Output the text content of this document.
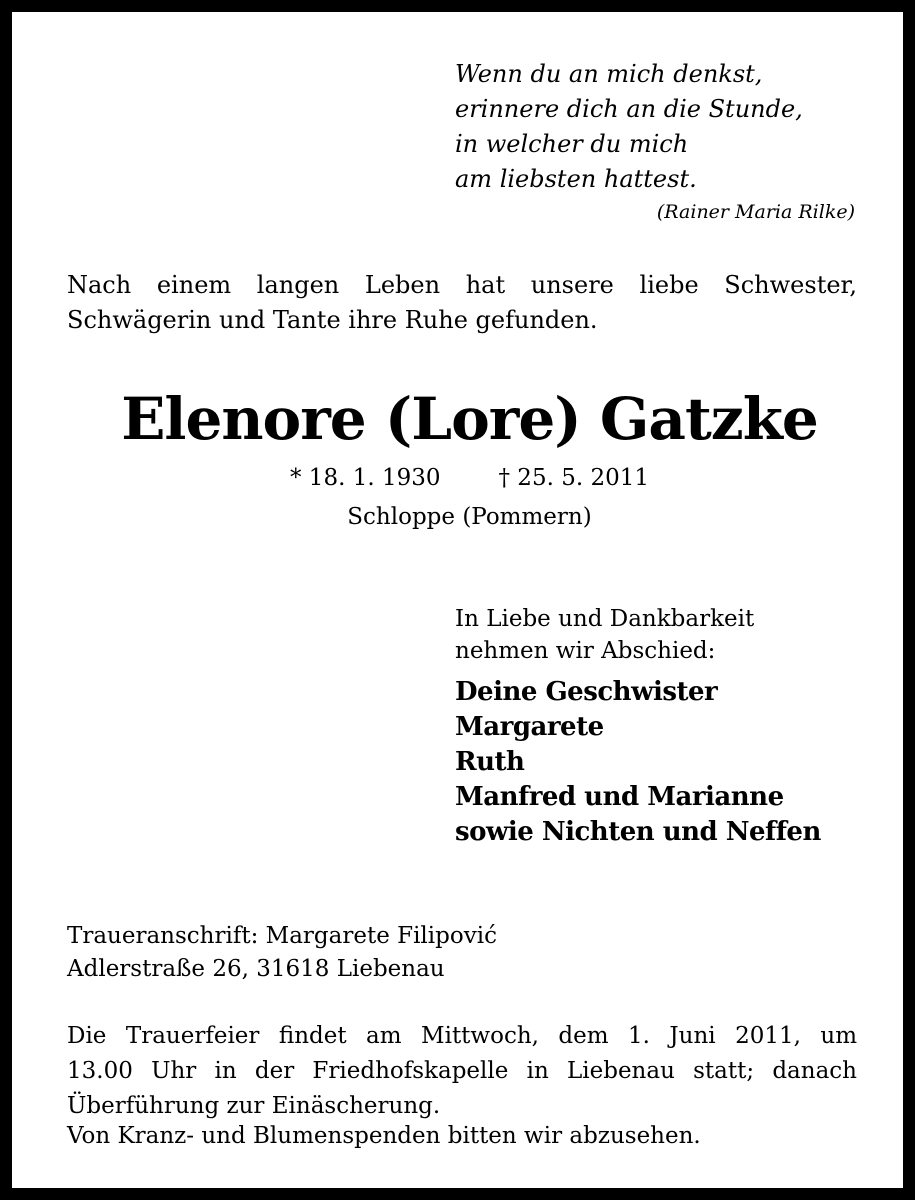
Wenn du an mich denkst,
erinnere dich an die Stunde,
in welcher du mich
am liebsten hattest.
(Rainer Maria Rilke)
Nach einem langen Leben hat unsere liebe Schwester,
Schwägerin und Tante ihre Ruhe gefunden.
Elenore (Lore) Gatzke
* 18. 1. 1930	† 25. 5. 2011
Schloppe (Pommern)
In Liebe und Dankbarkeit
nehmen wir Abschied:
Deine Geschwister
Margarete
Ruth
Manfred und Marianne
sowie Nichten und Neffen
Traueranschrift: Margarete Filipović
Adlerstraße 26, 31618 Liebenau
Die Trauerfeier findet am Mittwoch, dem 1. Juni 2011, um
13.00 Uhr in der Friedhofskapelle in Liebenau statt; danach
Überführung zur Einäscherung.
Von Kranz- und Blumenspenden bitten wir abzusehen.
